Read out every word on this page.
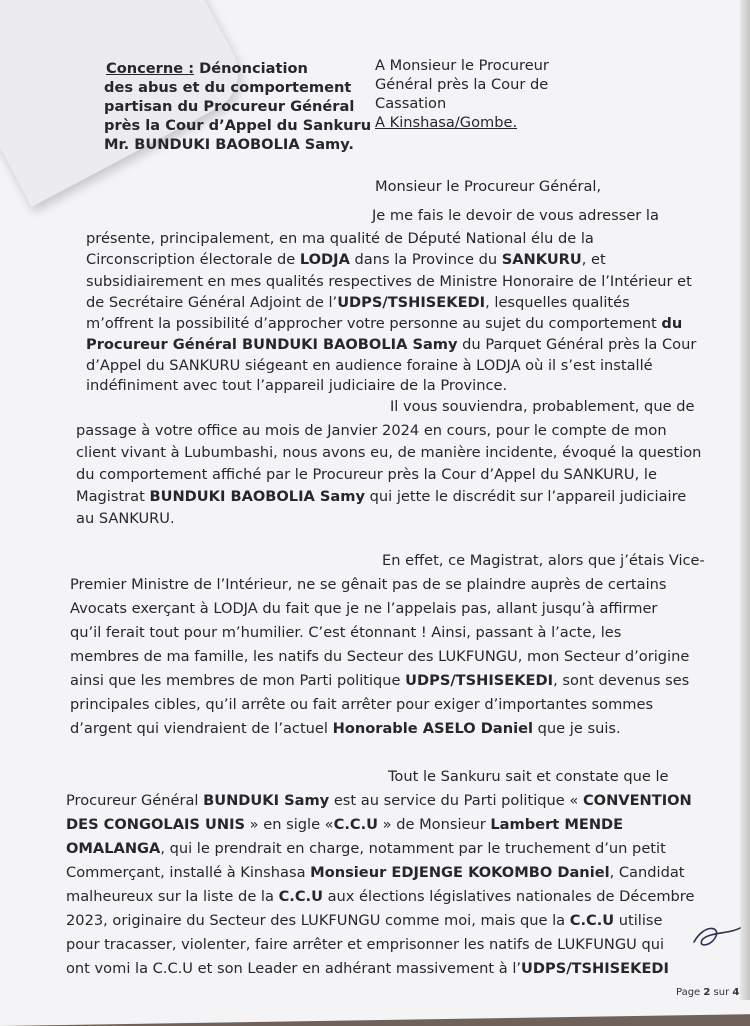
Concerne : Dénonciation
des abus et du comportement
partisan du Procureur Général
près la Cour d’Appel du Sankuru
Mr. BUNDUKI BAOBOLIA Samy.
A Monsieur le Procureur
Général près la Cour de
Cassation
A Kinshasa/Gombe.
Monsieur le Procureur Général,
Je me fais le devoir de vous adresser la
présente, principalement, en ma qualité de Député National élu de la
Circonscription électorale de LODJA dans la Province du SANKURU, et
subsidiairement en mes qualités respectives de Ministre Honoraire de l’Intérieur et
de Secrétaire Général Adjoint de l’UDPS/TSHISEKEDI, lesquelles qualités
m’offrent la possibilité d’approcher votre personne au sujet du comportement du
Procureur Général BUNDUKI BAOBOLIA Samy du Parquet Général près la Cour
d’Appel du SANKURU siégeant en audience foraine à LODJA où il s’est installé
indéfiniment avec tout l’appareil judiciaire de la Province.
Il vous souviendra, probablement, que de
passage à votre office au mois de Janvier 2024 en cours, pour le compte de mon
client vivant à Lubumbashi, nous avons eu, de manière incidente, évoqué la question
du comportement affiché par le Procureur près la Cour d’Appel du SANKURU, le
Magistrat BUNDUKI BAOBOLIA Samy qui jette le discrédit sur l’appareil judiciaire
au SANKURU.
En effet, ce Magistrat, alors que j’étais Vice-
Premier Ministre de l’Intérieur, ne se gênait pas de se plaindre auprès de certains
Avocats exerçant à LODJA du fait que je ne l’appelais pas, allant jusqu’à affirmer
qu’il ferait tout pour m’humilier. C’est étonnant ! Ainsi, passant à l’acte, les
membres de ma famille, les natifs du Secteur des LUKFUNGU, mon Secteur d’origine
ainsi que les membres de mon Parti politique UDPS/TSHISEKEDI, sont devenus ses
principales cibles, qu’il arrête ou fait arrêter pour exiger d’importantes sommes
d’argent qui viendraient de l’actuel Honorable ASELO Daniel que je suis.
Tout le Sankuru sait et constate que le
Procureur Général BUNDUKI Samy est au service du Parti politique « CONVENTION
DES CONGOLAIS UNIS » en sigle «C.C.U » de Monsieur Lambert MENDE
OMALANGA, qui le prendrait en charge, notamment par le truchement d’un petit
Commerçant, installé à Kinshasa Monsieur EDJENGE KOKOMBO Daniel, Candidat
malheureux sur la liste de la C.C.U aux élections législatives nationales de Décembre
2023, originaire du Secteur des LUKFUNGU comme moi, mais que la C.C.U utilise
pour tracasser, violenter, faire arrêter et emprisonner les natifs de LUKFUNGU qui
ont vomi la C.C.U et son Leader en adhérant massivement à l’UDPS/TSHISEKEDI
Page 2 sur 4
